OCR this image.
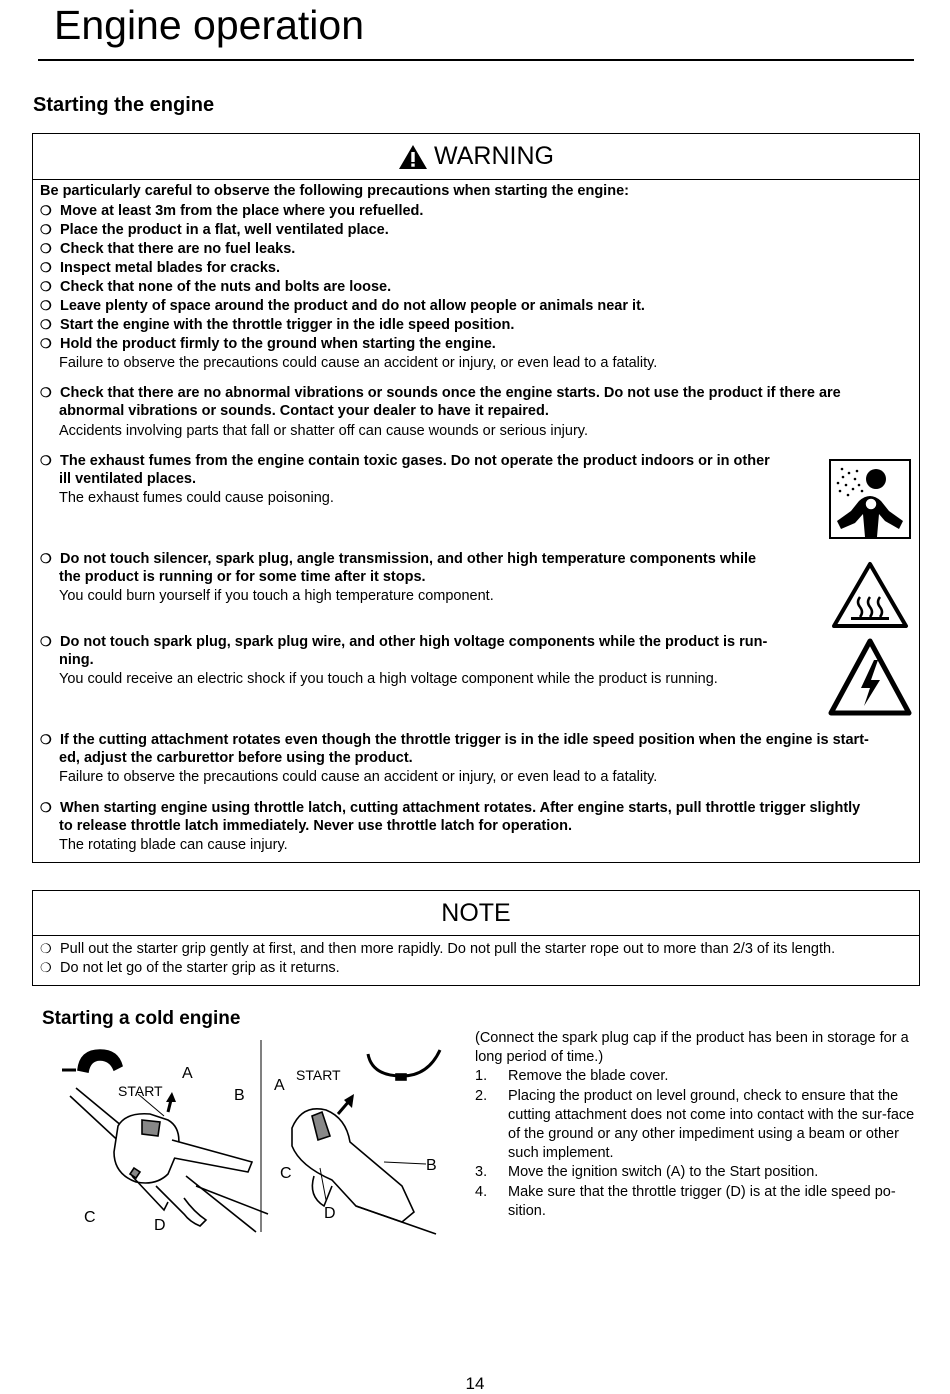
Engine operation
Starting the engine
WARNING
Be particularly careful to observe the following precautions when starting the engine:
❍ Move at least 3m from the place where you refuelled.
❍ Place the product in a flat, well ventilated place.
❍ Check that there are no fuel leaks.
❍ Inspect metal blades for cracks.
❍ Check that none of the nuts and bolts are loose.
❍ Leave plenty of space around the product and do not allow people or animals near it.
❍ Start the engine with the throttle trigger in the idle speed position.
❍ Hold the product firmly to the ground when starting the engine.
Failure to observe the precautions could cause an accident or injury, or even lead to a fatality.
❍ Check that there are no abnormal vibrations or sounds once the engine starts. Do not use the product if there are
abnormal vibrations or sounds. Contact your dealer to have it repaired.
Accidents involving parts that fall or shatter off can cause wounds or serious injury.
❍ The exhaust fumes from the engine contain toxic gases. Do not operate the product indoors or in other
ill ventilated places.
The exhaust fumes could cause poisoning.
❍ Do not touch silencer, spark plug, angle transmission, and other high temperature components while
the product is running or for some time after it stops.
You could burn yourself if you touch a high temperature component.
❍ Do not touch spark plug, spark plug wire, and other high voltage components while the product is run-
ning.
You could receive an electric shock if you touch a high voltage component while the product is running.
❍ If the cutting attachment rotates even though the throttle trigger is in the idle speed position when the engine is start-
ed, adjust the carburettor before using the product.
Failure to observe the precautions could cause an accident or injury, or even lead to a fatality.
❍ When starting engine using throttle latch, cutting attachment rotates. After engine starts, pull throttle trigger slightly
to release throttle latch immediately. Never use throttle latch for operation.
The rotating blade can cause injury.
NOTE
❍ Pull out the starter grip gently at first, and then more rapidly. Do not pull the starter rope out to more than 2/3 of its length.
❍ Do not let go of the starter grip as it returns.
Starting a cold engine
A
START	B
C	D
A
START
B
C
D

(Connect the spark plug cap if the product has been in storage for a long period of time.)

1. Remove the blade cover.
2. Placing the product on level ground, check to ensure that the cutting attachment does not come into contact with the sur-face of the ground or any other impediment using a beam or other such implement.
3. Move the ignition switch (A) to the Start position.
4. Make sure that the throttle trigger (D) is at the idle speed po-sition.
14
